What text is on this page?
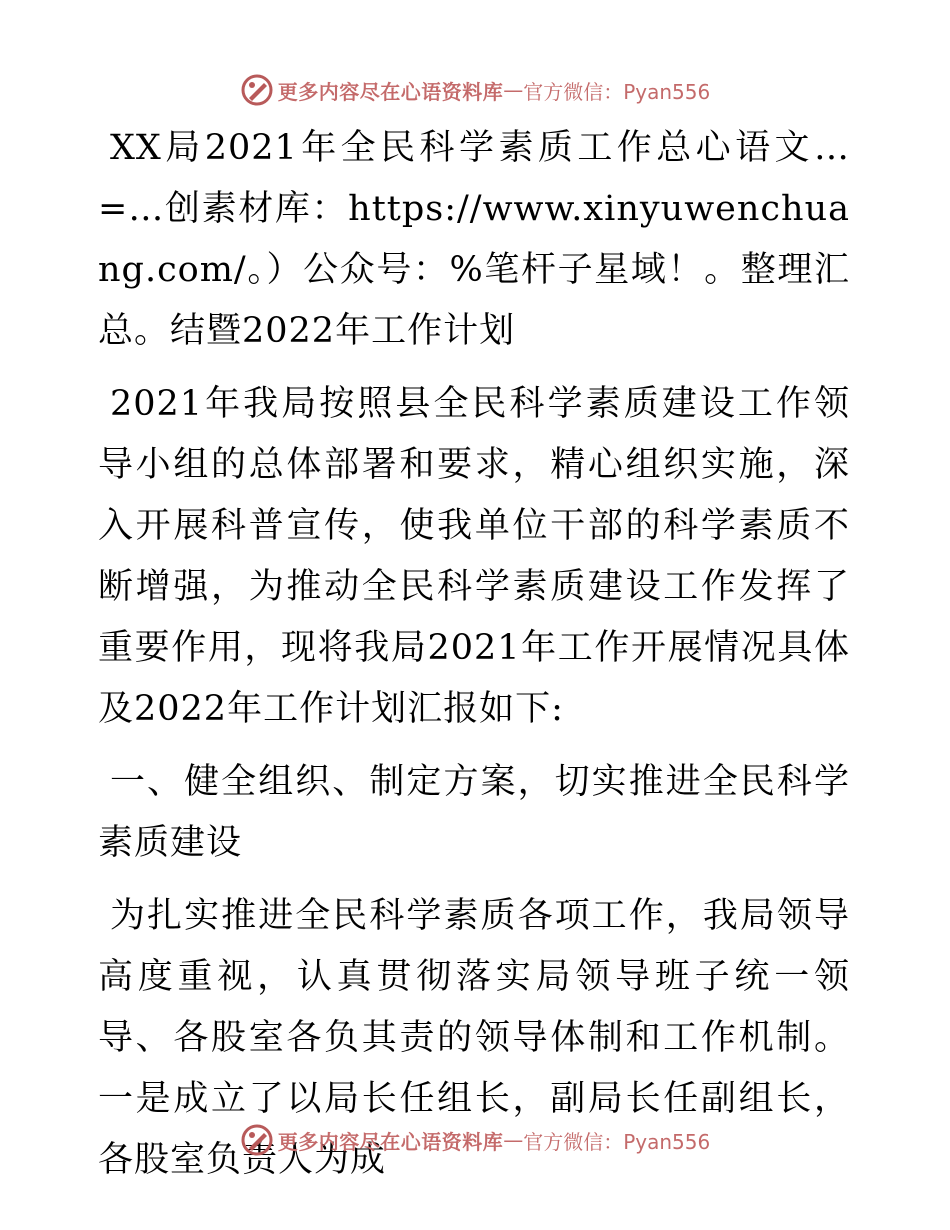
更多内容尽在心语资料库 — 官方微信：Pyan556

XX局2021年全民科学素质工作总心语文…=…创素材库：https://www.xinyuwenchuang.com/。）公众号：%笔杆子星域！。整理汇总。结暨2022年工作计划

2021年我局按照县全民科学素质建设工作领导小组的总体部署和要求，精心组织实施，深入开展科普宣传，使我单位干部的科学素质不断增强，为推动全民科学素质建设工作发挥了重要作用，现将我局2021年工作开展情况具体及2022年工作计划汇报如下:

一、健全组织、制定方案，切实推进全民科学素质建设

为扎实推进全民科学素质各项工作，我局领导高度重视，认真贯彻落实局领导班子统一领导、各股室各负其责的领导体制和工作机制。一是成立了以局长任组长，副局长任副组长，各股室负责人为成

更多内容尽在心语资料库 — 官方微信：Pyan556
